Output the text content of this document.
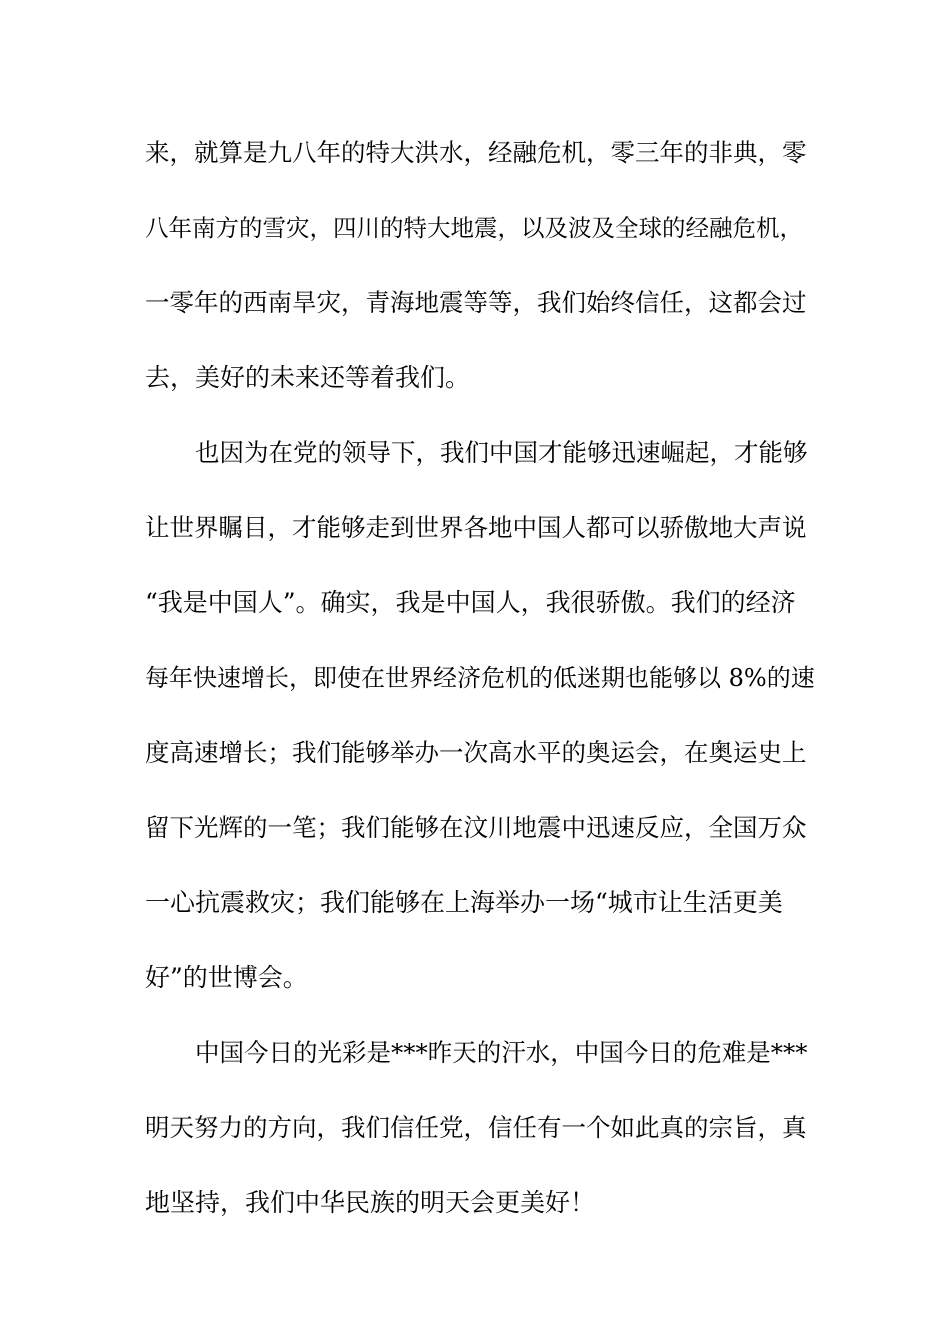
来，就算是九八年的特大洪水，经融危机，零三年的非典，零
八年南方的雪灾，四川的特大地震，以及波及全球的经融危机，
一零年的西南旱灾，青海地震等等，我们始终信任，这都会过
去，美好的未来还等着我们。
也因为在党的领导下，我们中国才能够迅速崛起，才能够
让世界瞩目，才能够走到世界各地中国人都可以骄傲地大声说
“我是中国人”。确实，我是中国人，我很骄傲。我们的经济
每年快速增长，即使在世界经济危机的低迷期也能够以 8%的速
度高速增长；我们能够举办一次高水平的奥运会，在奥运史上
留下光辉的一笔；我们能够在汶川地震中迅速反应，全国万众
一心抗震救灾；我们能够在上海举办一场“城市让生活更美
好”的世博会。
中国今日的光彩是***昨天的汗水，中国今日的危难是***
明天努力的方向，我们信任党，信任有一个如此真的宗旨，真
地坚持，我们中华民族的明天会更美好！
